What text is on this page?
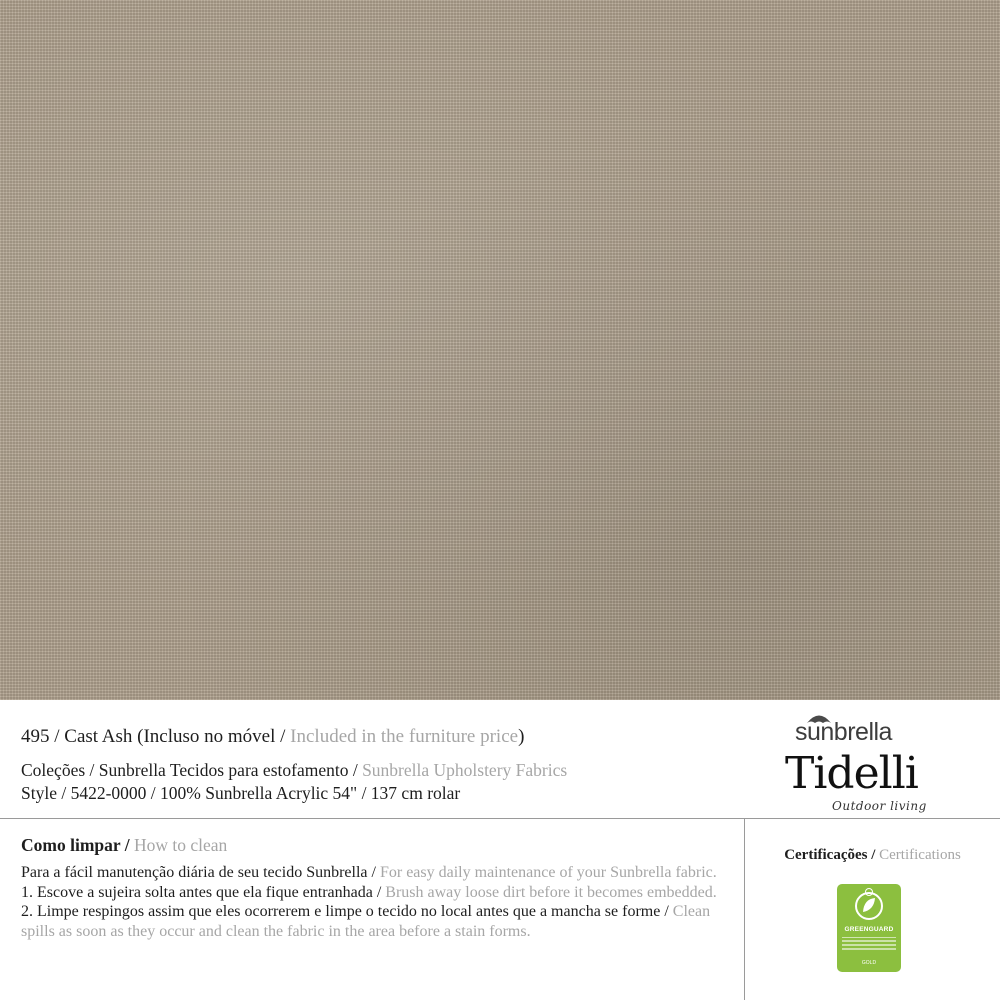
495 / Cast Ash (Incluso no móvel / Included in the furniture price)
Coleções / Sunbrella Tecidos para estofamento / Sunbrella Upholstery Fabrics
Style / 5422-0000 / 100% Sunbrella Acrylic 54" / 137 cm rolar
sunbrella
Tidelli
Outdoor living
Como limpar / How to clean

Para a fácil manutenção diária de seu tecido Sunbrella / For easy daily maintenance of your Sunbrella fabric.

1. Escove a sujeira solta antes que ela fique entranhada / Brush away loose dirt before it becomes embedded.

2. Limpe respingos assim que eles ocorrerem e limpe o tecido no local antes que a mancha se forme / Clean spills as soon as they occur and clean the fabric in the area before a stain forms.

Certificações / Certifications
GREENGUARD
GOLD
